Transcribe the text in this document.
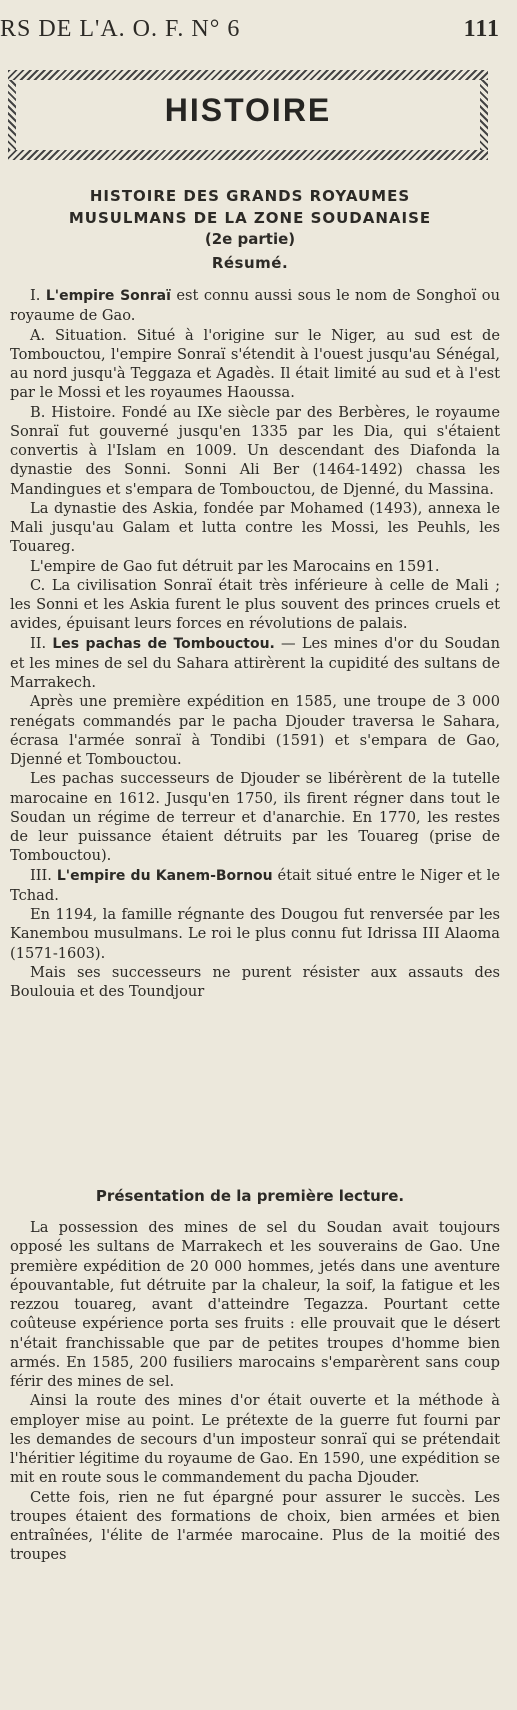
RS DE L'A. O. F. N° 6	111
HISTOIRE
HISTOIRE DES GRANDS ROYAUMES
MUSULMANS DE LA ZONE SOUDANAISE
(2e partie)
Résumé.

I. L'empire Sonraï est connu aussi sous le nom de Songhoï ou royaume de Gao.

A. Situation. Situé à l'origine sur le Niger, au sud est de Tombouctou, l'empire Sonraï s'étendit à l'ouest jusqu'au Sénégal, au nord jusqu'à Teggaza et Agadès. Il était limité au sud et à l'est par le Mossi et les royaumes Haoussa.

B. Histoire. Fondé au IXe siècle par des Berbères, le royaume Sonraï fut gouverné jusqu'en 1335 par les Dia, qui s'étaient convertis à l'Islam en 1009. Un descendant des Diafonda la dynastie des Sonni. Sonni Ali Ber (1464-1492) chassa les Mandingues et s'empara de Tombouctou, de Djenné, du Massina.

La dynastie des Askia, fondée par Mohamed (1493), annexa le Mali jusqu'au Galam et lutta contre les Mossi, les Peuhls, les Touareg.

L'empire de Gao fut détruit par les Marocains en 1591.

C. La civilisation Sonraï était très inférieure à celle de Mali ; les Sonni et les Askia furent le plus souvent des princes cruels et avides, épuisant leurs forces en révolutions de palais.

II. Les pachas de Tombouctou. — Les mines d'or du Soudan et les mines de sel du Sahara attirèrent la cupidité des sultans de Marrakech.

Après une première expédition en 1585, une troupe de 3 000 renégats commandés par le pacha Djouder traversa le Sahara, écrasa l'armée sonraï à Tondibi (1591) et s'empara de Gao, Djenné et Tombouctou.

Les pachas successeurs de Djouder se libérèrent de la tutelle marocaine en 1612. Jusqu'en 1750, ils firent régner dans tout le Soudan un régime de terreur et d'anarchie. En 1770, les restes de leur puissance étaient détruits par les Touareg (prise de Tombouctou).

III. L'empire du Kanem-Bornou était situé entre le Niger et le Tchad.

En 1194, la famille régnante des Dougou fut renversée par les Kanembou musulmans. Le roi le plus connu fut Idrissa III Alaoma (1571-1603).

Mais ses successeurs ne purent résister aux assauts des Boulouia et des Toundjour

Présentation de la première lecture.

La possession des mines de sel du Soudan avait toujours opposé les sultans de Marrakech et les souverains de Gao. Une première expédition de 20 000 hommes, jetés dans une aventure épouvantable, fut détruite par la chaleur, la soif, la fatigue et les rezzou touareg, avant d'atteindre Tegazza. Pourtant cette coûteuse expérience porta ses fruits : elle prouvait que le désert n'était franchissable que par de petites troupes d'homme bien armés. En 1585, 200 fusiliers marocains s'emparèrent sans coup férir des mines de sel.

Ainsi la route des mines d'or était ouverte et la méthode à employer mise au point. Le prétexte de la guerre fut fourni par les demandes de secours d'un imposteur sonraï qui se prétendait l'héritier légitime du royaume de Gao. En 1590, une expédition se mit en route sous le commandement du pacha Djouder.

Cette fois, rien ne fut épargné pour assurer le succès. Les troupes étaient des formations de choix, bien armées et bien entraînées, l'élite de l'armée marocaine. Plus de la moitié des troupes
